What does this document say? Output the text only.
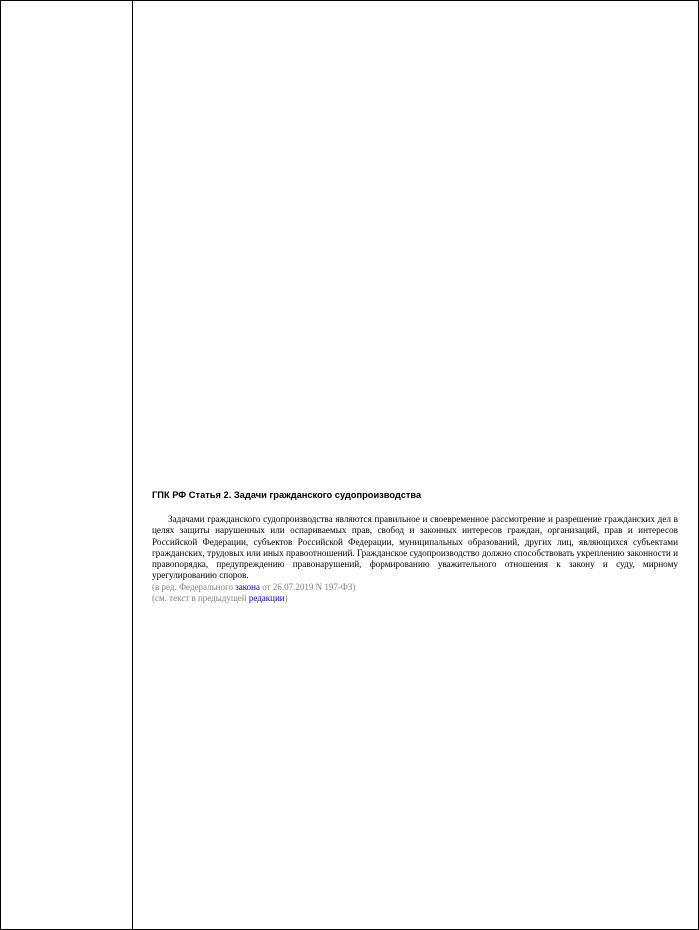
ГПК РФ Статья 2. Задачи гражданского судопроизводства

Задачами гражданского судопроизводства являются правильное и своевременное рассмотрение и разрешение гражданских дел в целях защиты нарушенных или оспариваемых прав, свобод и законных интересов граждан, организаций, прав и интересов Российской Федерации, субъектов Российской Федерации, муниципальных образований, других лиц, являющихся субъектами гражданских, трудовых или иных правоотношений. Гражданское судопроизводство должно способствовать укреплению законности и правопорядка, предупреждению правонарушений, формированию уважительного отношения к закону и суду, мирному урегулированию споров.

(в ред. Федерального закона от 26.07.2019 N 197-ФЗ)
(см. текст в предыдущей редакции)
